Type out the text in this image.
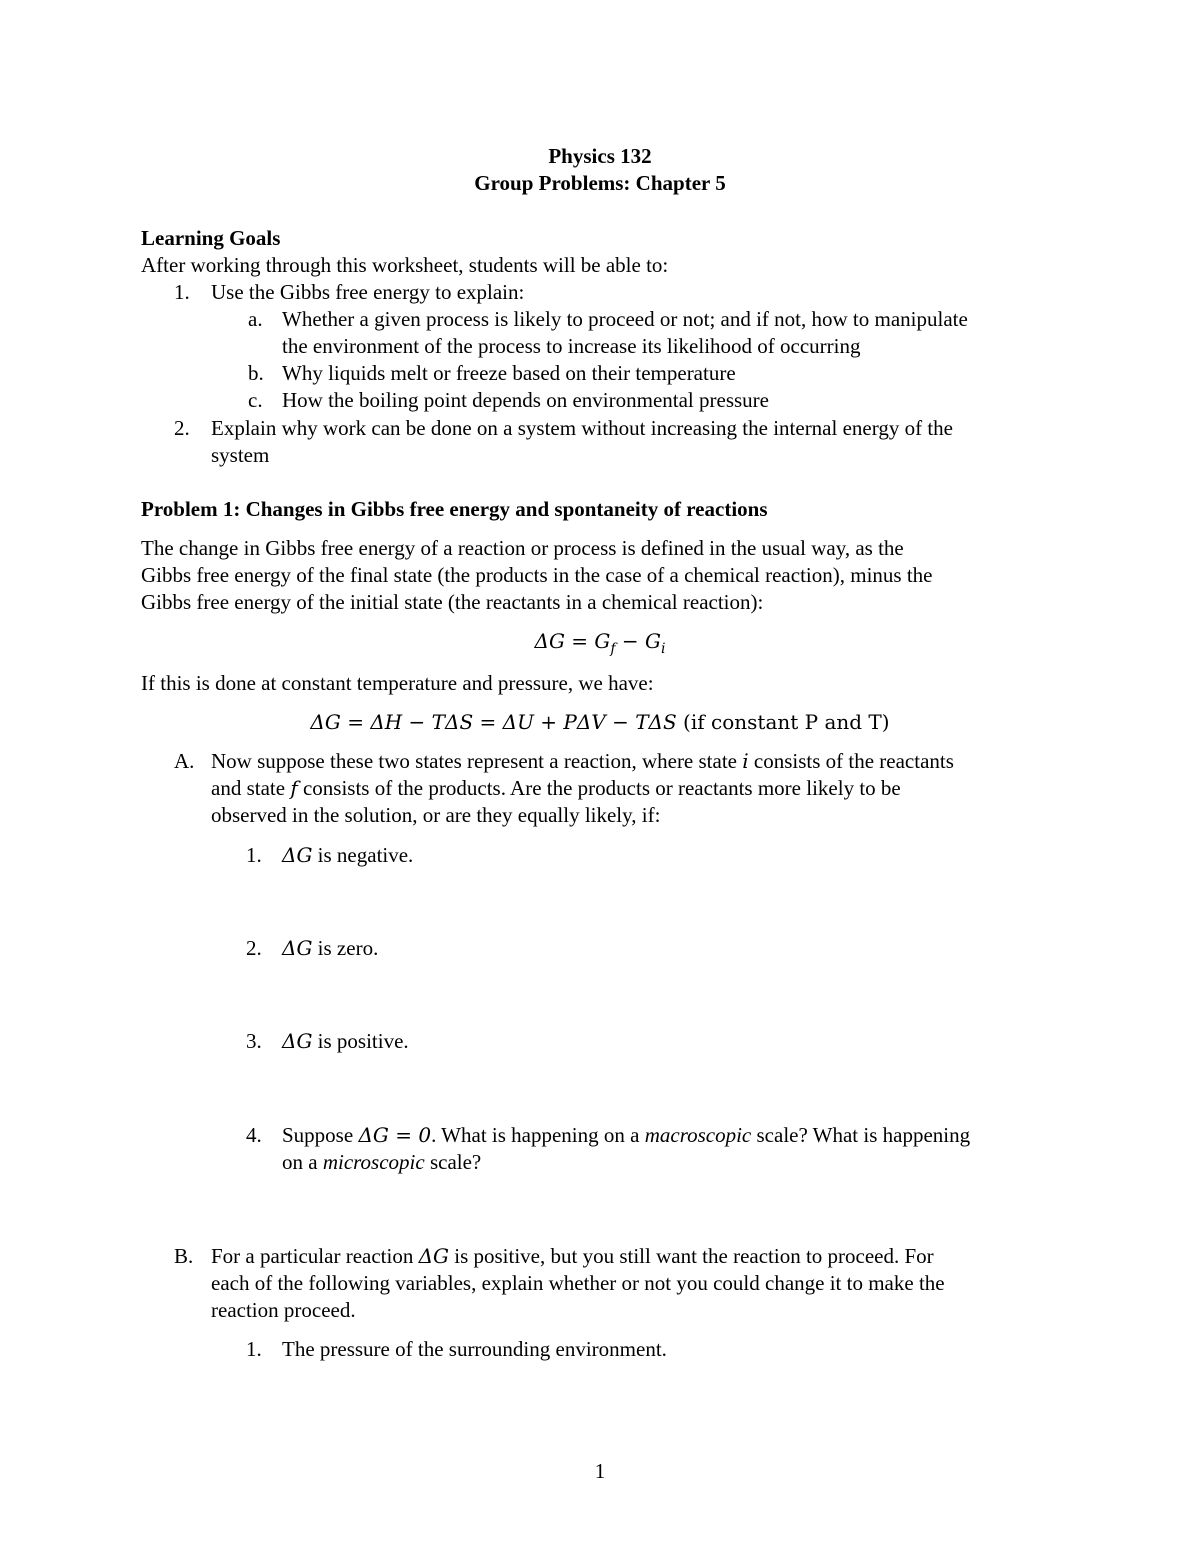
Physics 132
Group Problems: Chapter 5
Learning Goals
After working through this worksheet, students will be able to:
1. Use the Gibbs free energy to explain:
a. Whether a given process is likely to proceed or not; and if not, how to manipulate
the environment of the process to increase its likelihood of occurring
b. Why liquids melt or freeze based on their temperature
c. How the boiling point depends on environmental pressure
2. Explain why work can be done on a system without increasing the internal energy of the
system
Problem 1: Changes in Gibbs free energy and spontaneity of reactions
The change in Gibbs free energy of a reaction or process is defined in the usual way, as the
Gibbs free energy of the final state (the products in the case of a chemical reaction), minus the
Gibbs free energy of the initial state (the reactants in a chemical reaction):
$\Delta G = G_f - G_i$
If this is done at constant temperature and pressure, we have:
ΔG = ΔH − TΔS = ΔU + PΔV − TΔS (if constant P and T)
A. Now suppose these two states represent a reaction, where state i consists of the reactants
and state f consists of the products. Are the products or reactants more likely to be
observed in the solution, or are they equally likely, if:
1. ΔG is negative.
2. ΔG is zero.
3. ΔG is positive.
4. Suppose ΔG = 0. What is happening on a macroscopic scale? What is happening
on a microscopic scale?
B. For a particular reaction ΔG is positive, but you still want the reaction to proceed. For
each of the following variables, explain whether or not you could change it to make the
reaction proceed.
1. The pressure of the surrounding environment.
1
